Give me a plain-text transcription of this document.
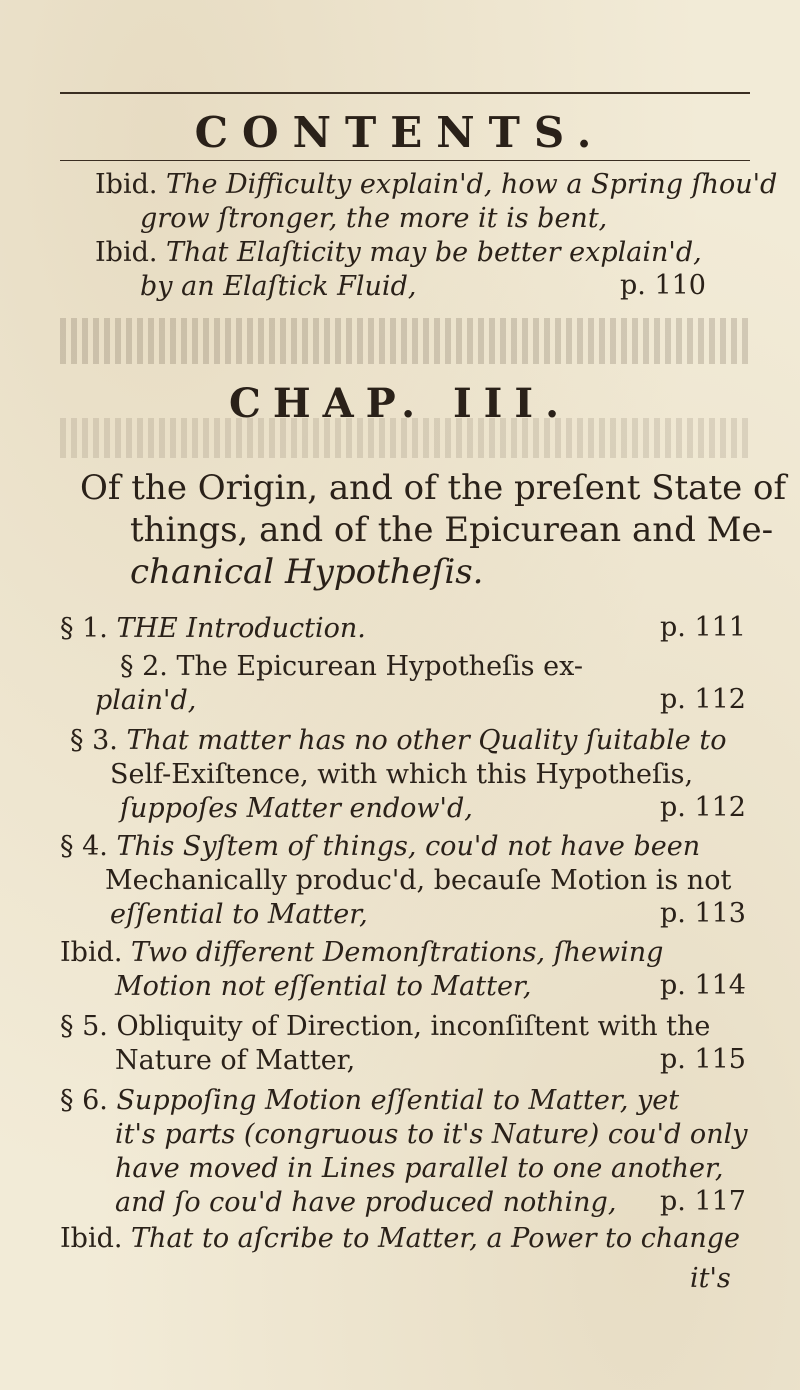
CONTENTS.
Ibid. The Difficulty explain'd, how a Spring ſhou'd
grow ſtronger, the more it is bent,
Ibid. That Elaſticity may be better explain'd,
by an Elaſtick Fluid,	p. 110
CHAP. III.
Of the Origin, and of the preſent State of
things, and of the Epicurean and Me-
chanical Hypotheſis.
§ 1. THE Introduction.	p. 111
§ 2. The Epicurean Hypotheſis ex-
plain'd,	p. 112
§ 3. That matter has no other Quality ſuitable to
Self-Exiſtence, with which this Hypotheſis,
ſuppoſes Matter endow'd,	p. 112
§ 4. This Syſtem of things, cou'd not have been
Mechanically produc'd, becauſe Motion is not
eſſential to Matter,	p. 113
Ibid. Two different Demonſtrations, ſhewing
Motion not eſſential to Matter,	p. 114
§ 5. Obliquity of Direction, inconſiſtent with the
Nature of Matter,	p. 115
§ 6. Suppoſing Motion eſſential to Matter, yet
it's parts (congruous to it's Nature) cou'd only
have moved in Lines parallel to one another,
and ſo cou'd have produced nothing, p. 117
Ibid. That to aſcribe to Matter, a Power to change
it's
